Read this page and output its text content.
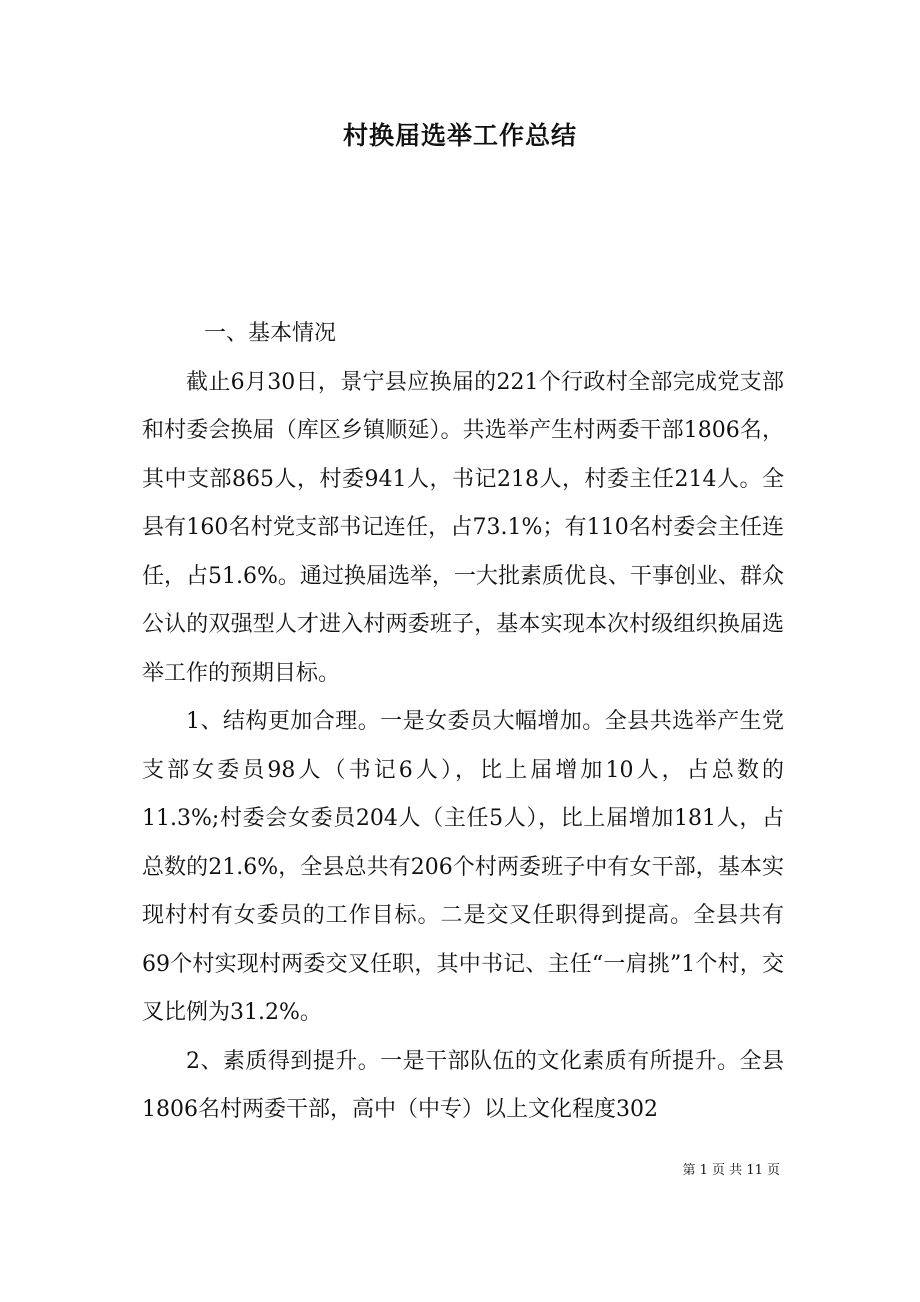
村换届选举工作总结
一、基本情况

截止6月30日，景宁县应换届的221个行政村全部完成党支部和村委会换届（库区乡镇顺延）。共选举产生村两委干部1806名，其中支部865人，村委941人，书记218人，村委主任214人。全县有160名村党支部书记连任，占73.1%；有110名村委会主任连任，占51.6%。通过换届选举，一大批素质优良、干事创业、群众公认的双强型人才进入村两委班子，基本实现本次村级组织换届选举工作的预期目标。

1、结构更加合理。一是女委员大幅增加。全县共选举产生党支部女委员98人（书记6人），比上届增加10人，占总数的11.3%;村委会女委员204人（主任5人），比上届增加181人，占总数的21.6%，全县总共有206个村两委班子中有女干部，基本实现村村有女委员的工作目标。二是交叉任职得到提高。全县共有69个村实现村两委交叉任职，其中书记、主任“一肩挑”1个村，交叉比例为31.2%。

2、素质得到提升。一是干部队伍的文化素质有所提升。全县1806名村两委干部，高中（中专）以上文化程度302

第 1 页 共 11 页
